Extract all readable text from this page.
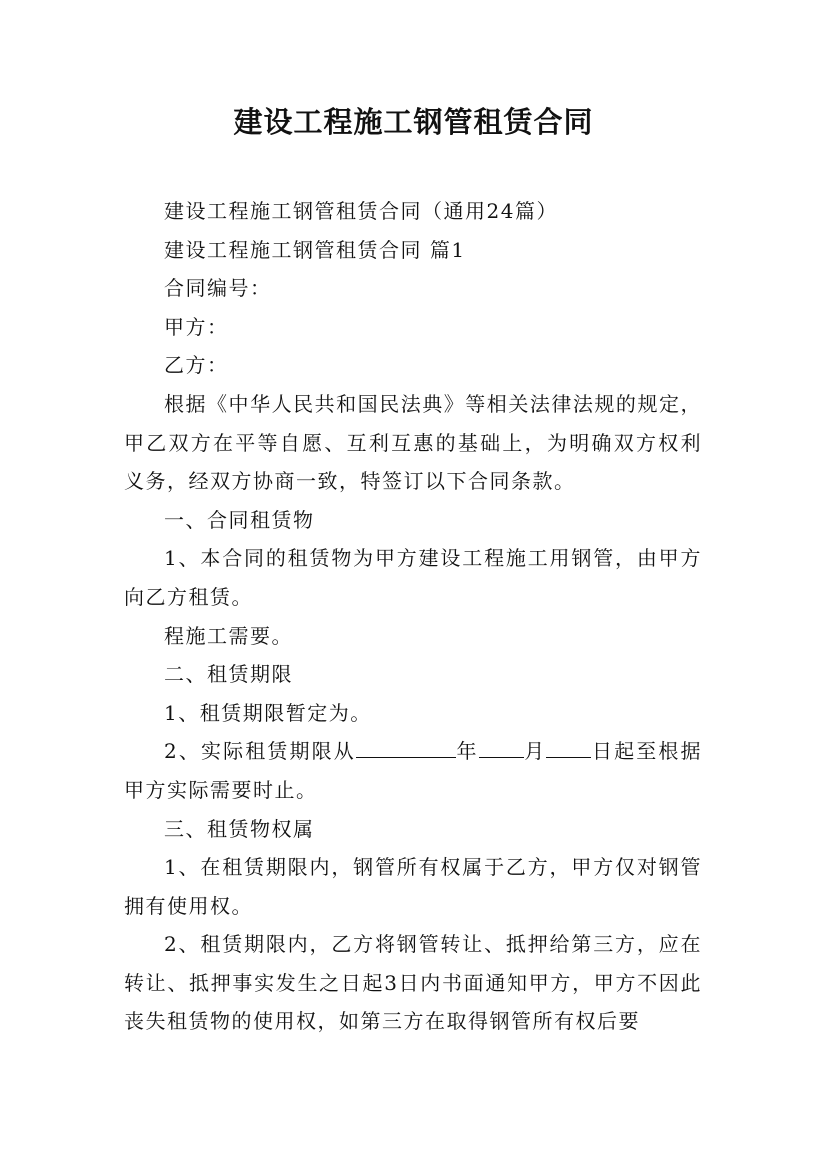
建设工程施工钢管租赁合同

建设工程施工钢管租赁合同（通用24篇）

建设工程施工钢管租赁合同 篇1

合同编号：

甲方：

乙方：

根据《中华人民共和国民法典》等相关法律法规的规定，甲乙双方在平等自愿、互利互惠的基础上，为明确双方权利义务，经双方协商一致，特签订以下合同条款。

一、合同租赁物

1、本合同的租赁物为甲方建设工程施工用钢管，由甲方向乙方租赁。

程施工需要。

二、租赁期限

1、租赁期限暂定为。

2、实际租赁期限从	年 月 日起至根据甲方实际需要时止。

三、租赁物权属

1、在租赁期限内，钢管所有权属于乙方，甲方仅对钢管拥有使用权。

2、租赁期限内，乙方将钢管转让、抵押给第三方，应在转让、抵押事实发生之日起3日内书面通知甲方，甲方不因此丧失租赁物的使用权，如第三方在取得钢管所有权后要
